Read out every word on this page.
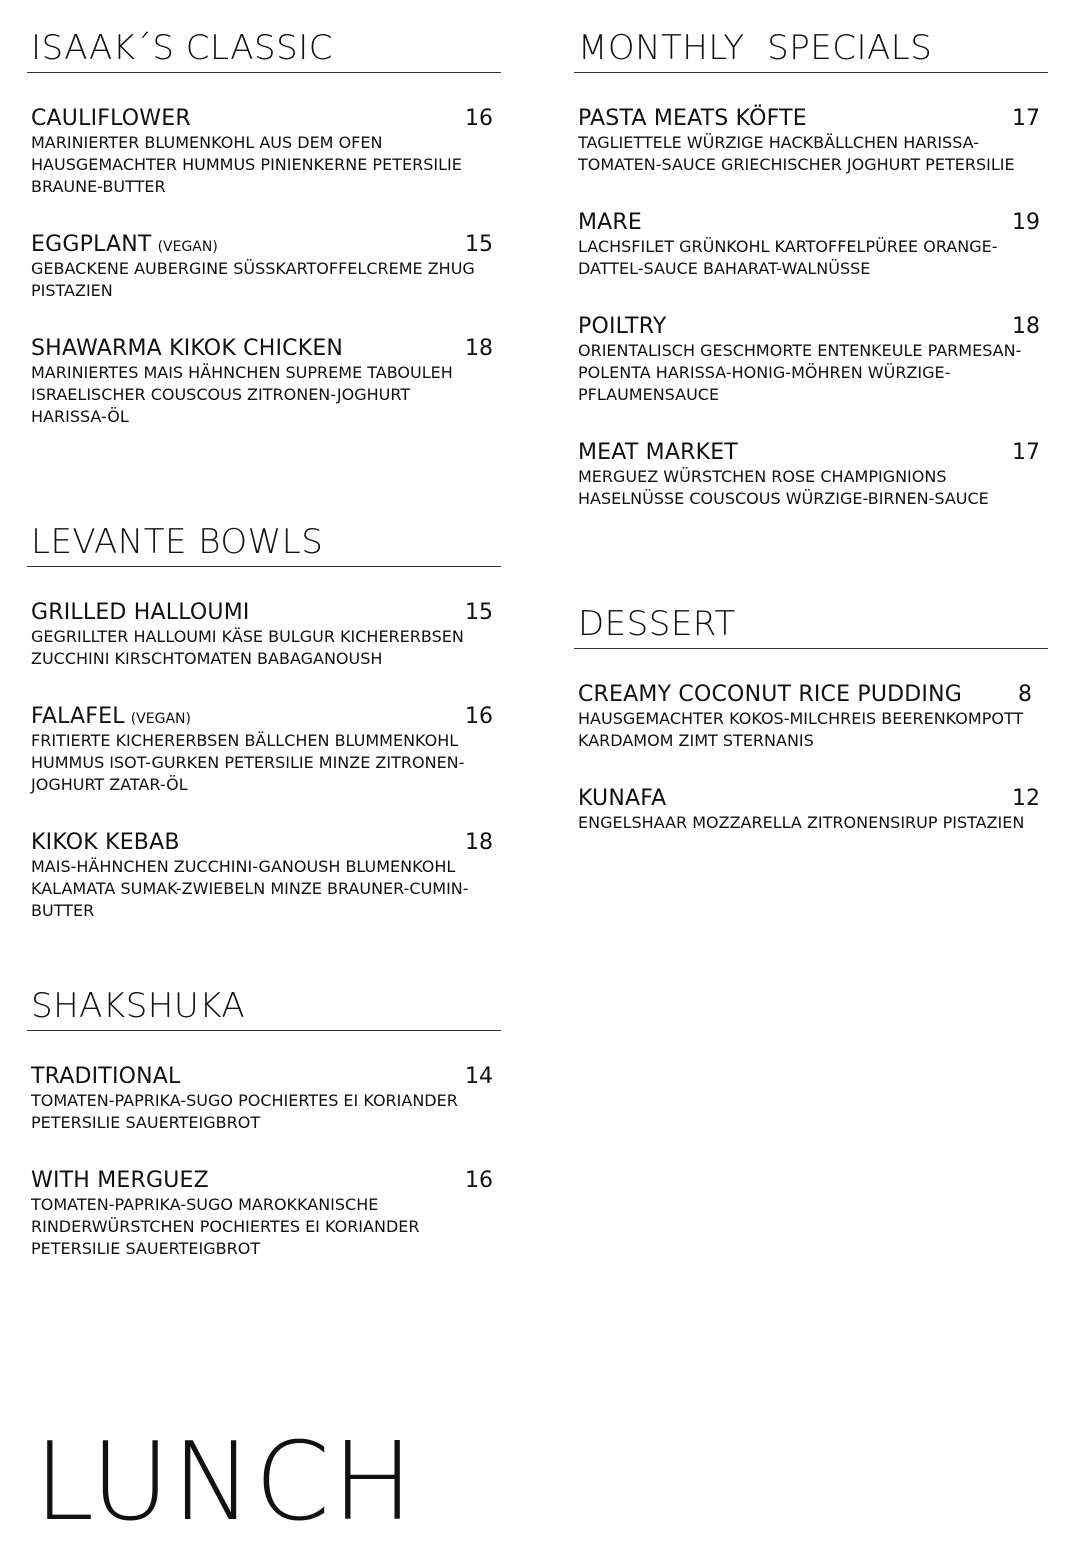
ISAAK´S CLASSIC
CAULIFLOWER	16
MARINIERTER BLUMENKOHL AUS DEM OFEN HAUSGEMACHTER HUMMUS PINIENKERNE PETERSILIE BRAUNE-BUTTER
EGGPLANT (VEGAN)	15
GEBACKENE AUBERGINE SÜSSKARTOFFELCREME ZHUG PISTAZIEN
SHAWARMA KIKOK CHICKEN	18
MARINIERTES MAIS HÄHNCHEN SUPREME TABOULEH ISRAELISCHER COUSCOUS ZITRONEN-JOGHURT HARISSA-ÖL
LEVANTE BOWLS
GRILLED HALLOUMI	15
GEGRILLTER HALLOUMI KÄSE BULGUR KICHERERBSEN ZUCCHINI KIRSCHTOMATEN BABAGANOUSH
FALAFEL (VEGAN)	16
FRITIERTE KICHERERBSEN BÄLLCHEN BLUMMENKOHL HUMMUS ISOT-GURKEN PETERSILIE MINZE ZITRONEN-JOGHURT ZATAR-ÖL
KIKOK KEBAB	18
MAIS-HÄHNCHEN ZUCCHINI-GANOUSH BLUMENKOHL KALAMATA SUMAK-ZWIEBELN MINZE BRAUNER-CUMIN-BUTTER
SHAKSHUKA
TRADITIONAL	14
TOMATEN-PAPRIKA-SUGO POCHIERTES EI KORIANDER PETERSILIE SAUERTEIGBROT
WITH MERGUEZ	16
TOMATEN-PAPRIKA-SUGO MAROKKANISCHE RINDERWÜRSTCHEN POCHIERTES EI KORIANDER PETERSILIE SAUERTEIGBROT
MONTHLY  SPECIALS
PASTA MEATS KÖFTE	17
TAGLIETTELE WÜRZIGE HACKBÄLLCHEN HARISSA-TOMATEN-SAUCE GRIECHISCHER JOGHURT PETERSILIE
MARE	19
LACHSFILET GRÜNKOHL KARTOFFELPÜREE ORANGE-DATTEL-SAUCE BAHARAT-WALNÜSSE
POILTRY	18
ORIENTALISCH GESCHMORTE ENTENKEULE PARMESAN-POLENTA HARISSA-HONIG-MÖHREN WÜRZIGE-PFLAUMENSAUCE
MEAT MARKET	17
MERGUEZ WÜRSTCHEN ROSE CHAMPIGNIONS HASELNÜSSE COUSCOUS WÜRZIGE-BIRNEN-SAUCE
DESSERT
CREAMY COCONUT RICE PUDDING	8
HAUSGEMACHTER KOKOS-MILCHREIS BEERENKOMPOTT KARDAMOM ZIMT STERNANIS
KUNAFA	12
ENGELSHAAR MOZZARELLA ZITRONENSIRUP PISTAZIEN
LUNCH
